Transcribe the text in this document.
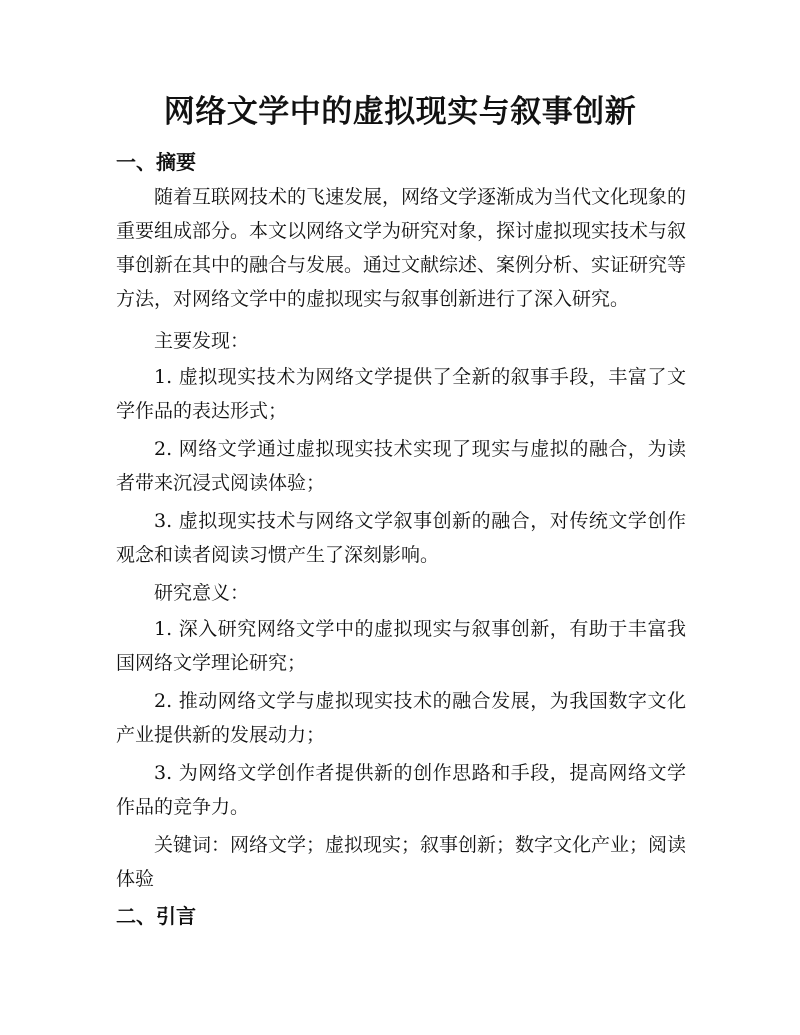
网络文学中的虚拟现实与叙事创新
一、摘要

随着互联网技术的飞速发展，网络文学逐渐成为当代文化现象的重要组成部分。本文以网络文学为研究对象，探讨虚拟现实技术与叙事创新在其中的融合与发展。通过文献综述、案例分析、实证研究等方法，对网络文学中的虚拟现实与叙事创新进行了深入研究。

主要发现：

1. 虚拟现实技术为网络文学提供了全新的叙事手段，丰富了文学作品的表达形式；

2. 网络文学通过虚拟现实技术实现了现实与虚拟的融合，为读者带来沉浸式阅读体验；

3. 虚拟现实技术与网络文学叙事创新的融合，对传统文学创作观念和读者阅读习惯产生了深刻影响。

研究意义：

1. 深入研究网络文学中的虚拟现实与叙事创新，有助于丰富我国网络文学理论研究；

2. 推动网络文学与虚拟现实技术的融合发展，为我国数字文化产业提供新的发展动力；

3. 为网络文学创作者提供新的创作思路和手段，提高网络文学作品的竞争力。

关键词：网络文学；虚拟现实；叙事创新；数字文化产业；阅读体验

二、引言
